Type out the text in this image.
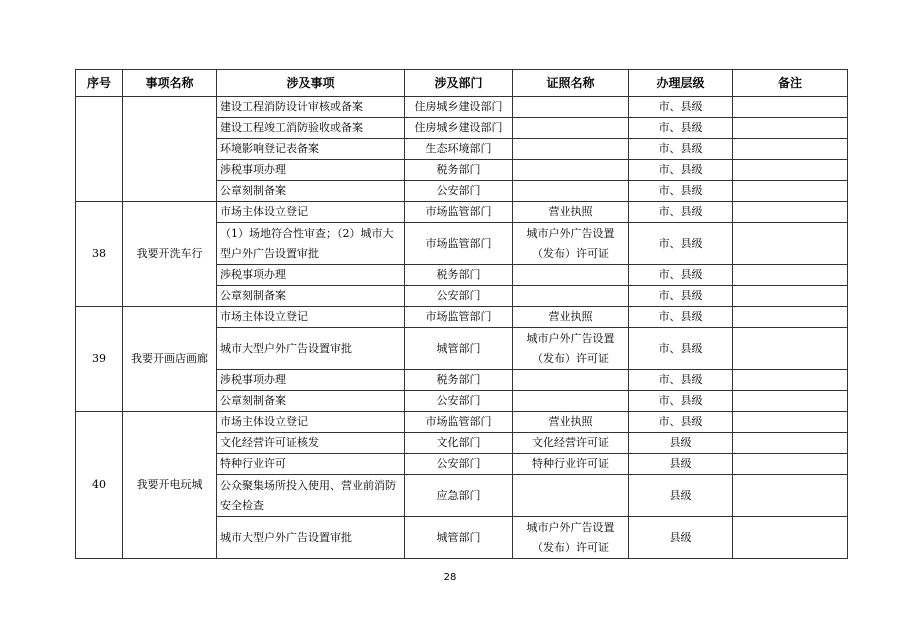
序号	事项名称	涉及事项	涉及部门	证照名称	办理层级	备注
		建设工程消防设计审核或备案	住房城乡建设部门		市、县级	
		建设工程竣工消防验收或备案	住房城乡建设部门		市、县级	
		环境影响登记表备案	生态环境部门		市、县级	
		涉税事项办理	税务部门		市、县级	
		公章刻制备案	公安部门		市、县级	
38	我要开洗车行	市场主体设立登记	市场监管部门	营业执照	市、县级	
		（1）场地符合性审查；（2）城市大型户外广告设置审批	市场监管部门	城市户外广告设置（发布）许可证	市、县级	
		涉税事项办理	税务部门		市、县级	
		公章刻制备案	公安部门		市、县级	
39	我要开画店画廊	市场主体设立登记	市场监管部门	营业执照	市、县级	
		城市大型户外广告设置审批	城管部门	城市户外广告设置（发布）许可证	市、县级	
		涉税事项办理	税务部门		市、县级	
		公章刻制备案	公安部门		市、县级	
40	我要开电玩城	市场主体设立登记	市场监管部门	营业执照	市、县级	
		文化经营许可证核发	文化部门	文化经营许可证	县级	
		特种行业许可	公安部门	特种行业许可证	县级	
		公众聚集场所投入使用、营业前消防安全检查	应急部门		县级	
		城市大型户外广告设置审批	城管部门	城市户外广告设置（发布）许可证	县级	
28
